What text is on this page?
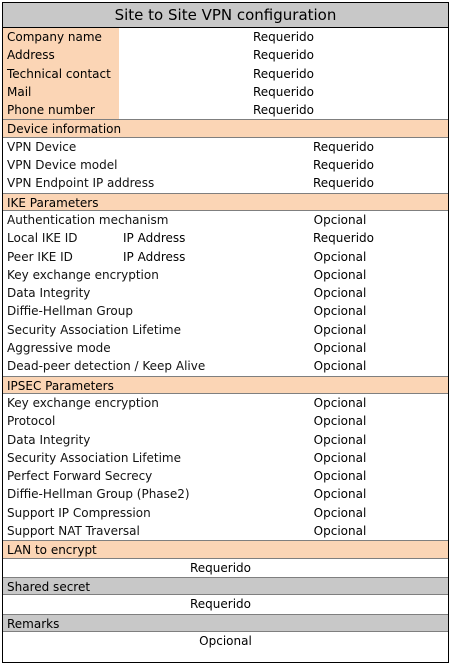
Site to Site VPN configuration
Company name	Requerido
Address	Requerido
Technical contact	Requerido
Mail	Requerido
Phone number	Requerido
Device information
VPN Device	Requerido
VPN Device model	Requerido
VPN Endpoint IP address	Requerido
IKE Parameters
Authentication mechanism	Opcional
Local IKE ID	IP Address	Requerido
Peer IKE ID	IP Address	Opcional
Key exchange encryption	Opcional
Data Integrity	Opcional
Diffie-Hellman Group	Opcional
Security Association Lifetime	Opcional
Aggressive mode	Opcional
Dead-peer detection / Keep Alive	Opcional
IPSEC Parameters
Key exchange encryption	Opcional
Protocol	Opcional
Data Integrity	Opcional
Security Association Lifetime	Opcional
Perfect Forward Secrecy	Opcional
Diffie-Hellman Group (Phase2)	Opcional
Support IP Compression	Opcional
Support NAT Traversal	Opcional
LAN to encrypt
Requerido
Shared secret
Requerido
Remarks
Opcional
